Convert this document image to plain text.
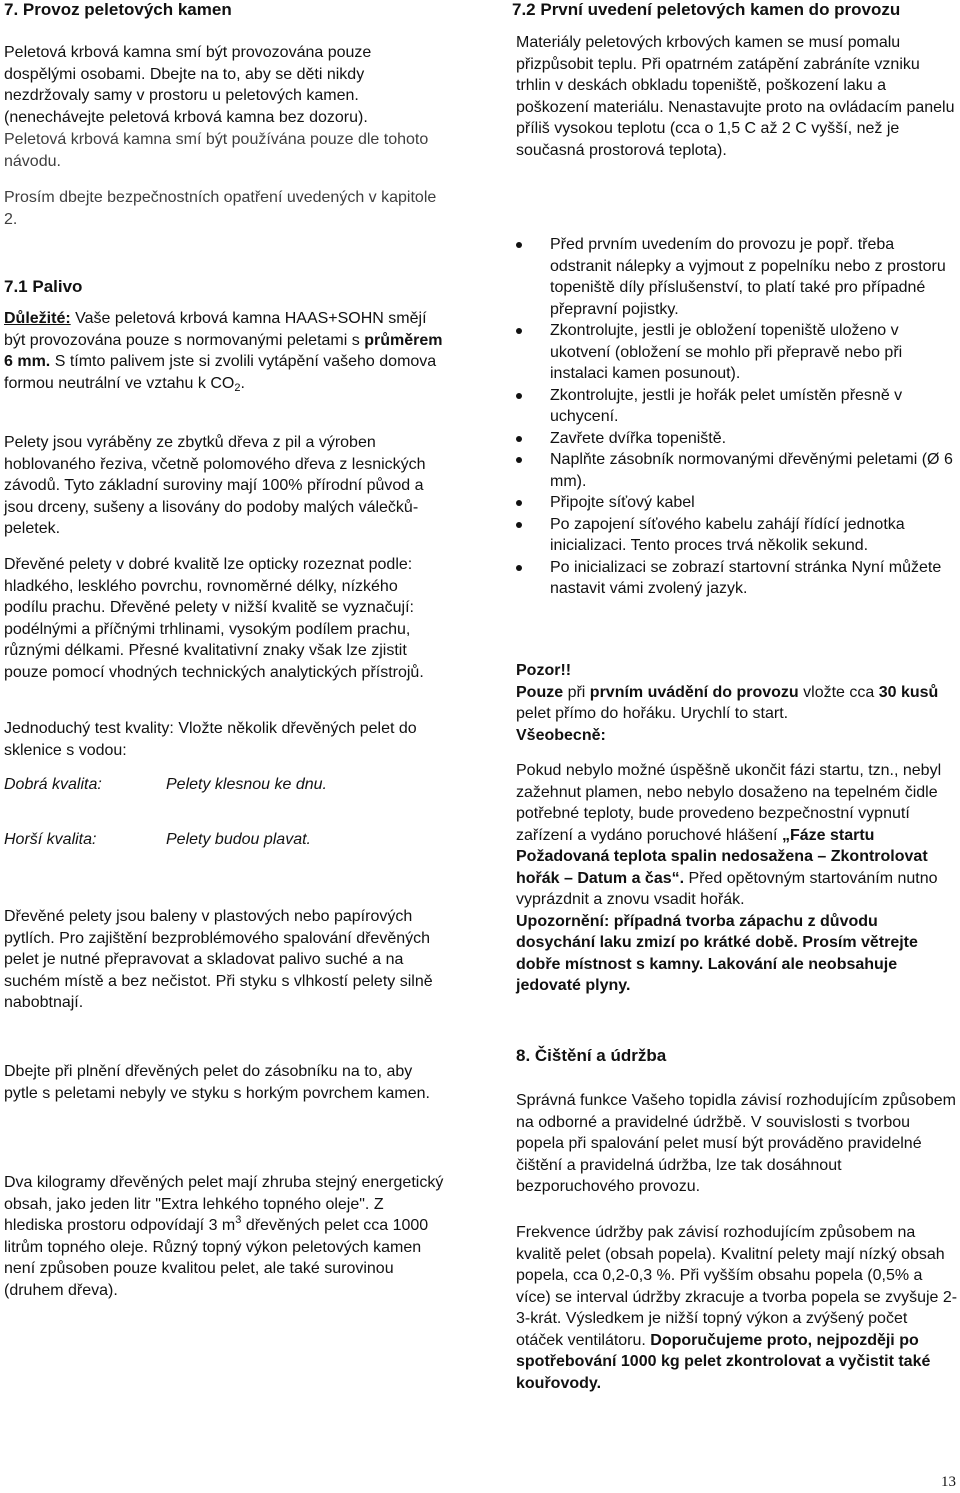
7. Provoz peletových kamen

Peletová krbová kamna smí být provozována pouze dospělými osobami. Dbejte na to, aby se děti nikdy nezdržovaly samy v prostoru u peletových kamen. (nenechávejte peletová krbová kamna bez dozoru).

Peletová krbová kamna smí být používána pouze dle tohoto návodu.

Prosím dbejte bezpečnostních opatření uvedených v kapitole 2.

7.1 Palivo

Důležité: Vaše peletová krbová kamna HAAS+SOHN smějí být provozována pouze s normovanými peletami s průměrem 6 mm. S tímto palivem jste si zvolili vytápění vašeho domova formou neutrální ve vztahu k $CO_2$.

Pelety jsou vyráběny ze zbytků dřeva z pil a výroben hoblovaného řeziva, včetně polomového dřeva z lesnických závodů. Tyto základní suroviny mají 100% přírodní původ a jsou drceny, sušeny a lisovány do podoby malých válečků-peletek.

Dřevěné pelety v dobré kvalitě lze opticky rozeznat podle: hladkého, lesklého povrchu, rovnoměrné délky, nízkého podílu prachu. Dřevěné pelety v nižší kvalitě se vyznačují: podélnými a příčnými trhlinami, vysokým podílem prachu, různými délkami. Přesné kvalitativní znaky však lze zjistit pouze pomocí vhodných technických analytických přístrojů.

Jednoduchý test kvality: Vložte několik dřevěných pelet do sklenice s vodou:

Dobrá kvalita:	Pelety klesnou ke dnu.
Horší kvalita:	Pelety budou plavat.

Dřevěné pelety jsou baleny v plastových nebo papírových pytlích. Pro zajištění bezproblémového spalování dřevěných pelet je nutné přepravovat a skladovat palivo suché a na suchém místě a bez nečistot. Při styku s vlhkostí pelety silně nabobtnají.

Dbejte při plnění dřevěných pelet do zásobníku na to, aby pytle s peletami nebyly ve styku s horkým povrchem kamen.

Dva kilogramy dřevěných pelet mají zhruba stejný energetický obsah, jako jeden litr "Extra lehkého topného oleje". Z hlediska prostoru odpovídají 3 $m^3$ dřevěných pelet cca 1000 litrům topného oleje. Různý topný výkon peletových kamen není způsoben pouze kvalitou pelet, ale také surovinou (druhem dřeva).

7.2 První uvedení peletových kamen do provozu

Materiály peletových krbových kamen se musí pomalu přizpůsobit teplu. Při opatrném zatápění zabráníte vzniku trhlin v deskách obkladu topeniště, poškození laku a poškození materiálu. Nenastavujte proto na ovládacím panelu příliš vysokou teplotu (cca o 1,5 C až 2 C vyšší, než je současná prostorová teplota).

Před prvním uvedením do provozu je popř. třeba odstranit nálepky a vyjmout z popelníku nebo z prostoru topeniště díly příslušenství, to platí také pro případné přepravní pojistky.
Zkontrolujte, jestli je obložení topeniště uloženo v ukotvení (obložení se mohlo při přepravě nebo při instalaci kamen posunout).
Zkontrolujte, jestli je hořák pelet umístěn přesně v uchycení.
Zavřete dvířka topeniště.
Naplňte zásobník normovanými dřevěnými peletami (Ø 6 mm).
Připojte síťový kabel
Po zapojení síťového kabelu zahájí řídící jednotka inicializaci. Tento proces trvá několik sekund.
Po inicializaci se zobrazí startovní stránka Nyní můžete nastavit vámi zvolený jazyk.

Pozor!!
Pouze při prvním uvádění do provozu vložte cca 30 kusů pelet přímo do hořáku. Urychlí to start.
Všeobecně:

Pokud nebylo možné úspěšně ukončit fázi startu, tzn., nebyl zažehnut plamen, nebo nebylo dosaženo na tepelném čidle potřebné teploty, bude provedeno bezpečnostní vypnutí zařízení a vydáno poruchové hlášení „Fáze startu Požadovaná teplota spalin nedosažena – Zkontrolovat hořák – Datum a čas“. Před opětovným startováním nutno vyprázdnit a znovu vsadit hořák.
Upozornění: případná tvorba zápachu z důvodu dosychání laku zmizí po krátké době. Prosím větrejte dobře místnost s kamny. Lakování ale neobsahuje jedovaté plyny.

8. Čištění a údržba

Správná funkce Vašeho topidla závisí rozhodujícím způsobem na odborné a pravidelné údržbě. V souvislosti s tvorbou popela při spalování pelet musí být prováděno pravidelné čištění a pravidelná údržba, lze tak dosáhnout bezporuchového provozu.

Frekvence údržby pak závisí rozhodujícím způsobem na kvalitě pelet (obsah popela). Kvalitní pelety mají nízký obsah popela, cca 0,2-0,3 %. Při vyšším obsahu popela (0,5% a více) se interval údržby zkracuje a tvorba popela se zvyšuje 2-3-krát. Výsledkem je nižší topný výkon a zvýšený počet otáček ventilátoru. Doporučujeme proto, nejpozději po spotřebování 1000 kg pelet zkontrolovat a vyčistit také kouřovody.

13
